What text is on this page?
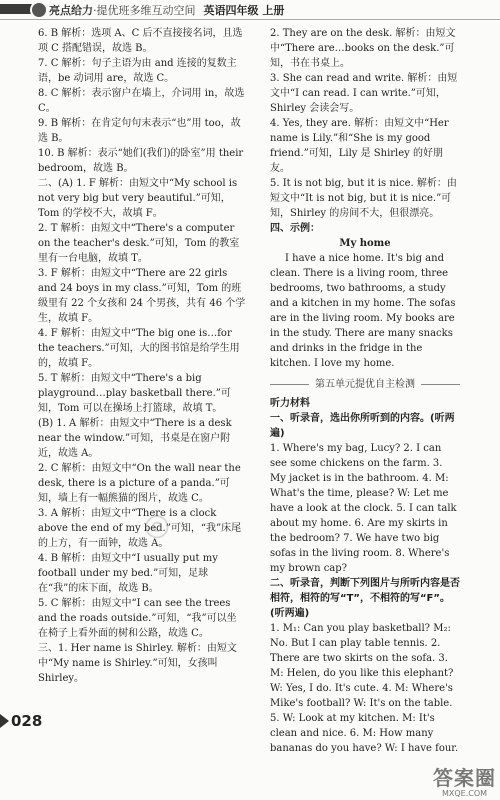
亮点给力·提优班多维互动空间 英语四年级 上册

6. B 解析：选项 A、C 后不直接接名词，且选项 C 搭配错误，故选 B。

7. C 解析：句子主语为由 and 连接的复数主语，be 动词用 are，故选 C。

8. C 解析：表示窗户在墙上，介词用 in，故选 C。

9. B 解析：在肯定句句末表示“也”用 too，故选 B。

10. B 解析：表示“她们(我们)的卧室”用 their bedroom，故选 B。

二、(A) 1. F 解析：由短文中“My school is not very big but very beautiful.”可知，Tom 的学校不大，故填 F。

2. T 解析：由短文中“There's a computer on the teacher's desk.”可知，Tom 的教室里有一台电脑，故填 T。

3. F 解析：由短文中“There are 22 girls and 24 boys in my class.”可知，Tom 的班级里有 22 个女孩和 24 个男孩，共有 46 个学生，故填 F。

4. F 解析：由短文中“The big one is…for the teachers.”可知，大的图书馆是给学生用的，故填 F。

5. T 解析：由短文中“There's a big playground…play basketball there.”可知，Tom 可以在操场上打篮球，故填 T。

(B) 1. A 解析：由短文中“There is a desk near the window.”可知，书桌是在窗户附近，故选 A。

2. C 解析：由短文中“On the wall near the desk, there is a picture of a panda.”可知，墙上有一幅熊猫的图片，故选 C。

3. A 解析：由短文中“There is a clock above the end of my bed.”可知，“我”床尾的上方，有一面钟，故选 A。

4. B 解析：由短文中“I usually put my football under my bed.”可知，足球在“我”的床下面，故选 B。

5. C 解析：由短文中“I can see the trees and the roads outside.”可知，“我”可以坐在椅子上看外面的树和公路，故选 C。

三、1. Her name is Shirley. 解析：由短文中“My name is Shirley.”可知，女孩叫 Shirley。

2. They are on the desk. 解析：由短文中“There are…books on the desk.”可知，书在书桌上。

3. She can read and write. 解析：由短文中“I can read. I can write.”可知，Shirley 会读会写。

4. Yes, they are. 解析：由短文中“Her name is Lily.”和“She is my good friend.”可知，Lily 是 Shirley 的好朋友。

5. It is not big, but it is nice. 解析：由短文中“It is not big, but it is nice.”可知，Shirley 的房间不大，但很漂亮。

四、示例：

My home

I have a nice home. It's big and clean. There is a living room, three bedrooms, two bathrooms, a study and a kitchen in my home. The sofas are in the living room. My books are in the study. There are many snacks and drinks in the fridge in the kitchen. I love my home.

第五单元提优自主检测

听力材料

一、听录音，选出你所听到的内容。(听两遍)

1. Where's my bag, Lucy? 2. I can see some chickens on the farm. 3. My jacket is in the bathroom. 4. M: What's the time, please? W: Let me have a look at the clock. 5. I can talk about my home. 6. Are my skirts in the bedroom? 7. We have two big sofas in the living room. 8. Where's my brown cap?

二、听录音，判断下列图片与所听内容是否相符，相符的写“T”，不相符的写“F”。(听两遍)

1. M₁: Can you play basketball? M₂: No. But I can play table tennis. 2. There are two skirts on the sofa. 3. M: Helen, do you like this elephant? W: Yes, I do. It's cute. 4. M: Where's Mike's football? W: It's on the table. 5. W: Look at my kitchen. M: It's clean and nice. 6. M: How many bananas do you have? W: I have four.

◎
028
答案圈
MXQE.COM
